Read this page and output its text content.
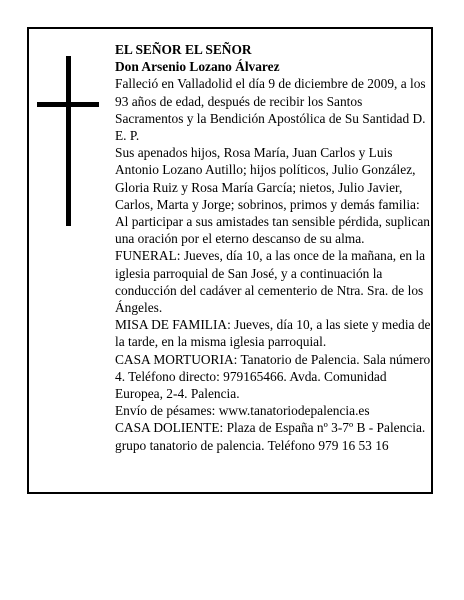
EL SEÑOR EL SEÑOR

Don Arsenio Lozano Álvarez

Falleció en Valladolid el día 9 de diciembre de 2009, a los 93 años de edad, después de recibir los Santos Sacramentos y la Bendición Apostólica de Su Santidad D. E. P.

Sus apenados hijos, Rosa María, Juan Carlos y Luis Antonio Lozano Autillo; hijos políticos, Julio González, Gloria Ruiz y Rosa María García; nietos, Julio Javier, Carlos, Marta y Jorge; sobrinos, primos y demás familia:

Al participar a sus amistades tan sensible pérdida, suplican una oración por el eterno descanso de su alma.

FUNERAL: Jueves, día 10, a las once de la mañana, en la iglesia parroquial de San José, y a continuación la conducción del cadáver al cementerio de Ntra. Sra. de los Ángeles.

MISA DE FAMILIA: Jueves, día 10, a las siete y media de la tarde, en la misma iglesia parroquial.

CASA MORTUORIA: Tanatorio de Palencia. Sala número 4. Teléfono directo: 979165466. Avda. Comunidad Europea, 2-4. Palencia.

Envío de pésames: www.tanatoriodepalencia.es

CASA DOLIENTE: Plaza de España nº 3-7º B - Palencia.

grupo tanatorio de palencia. Teléfono 979 16 53 16
